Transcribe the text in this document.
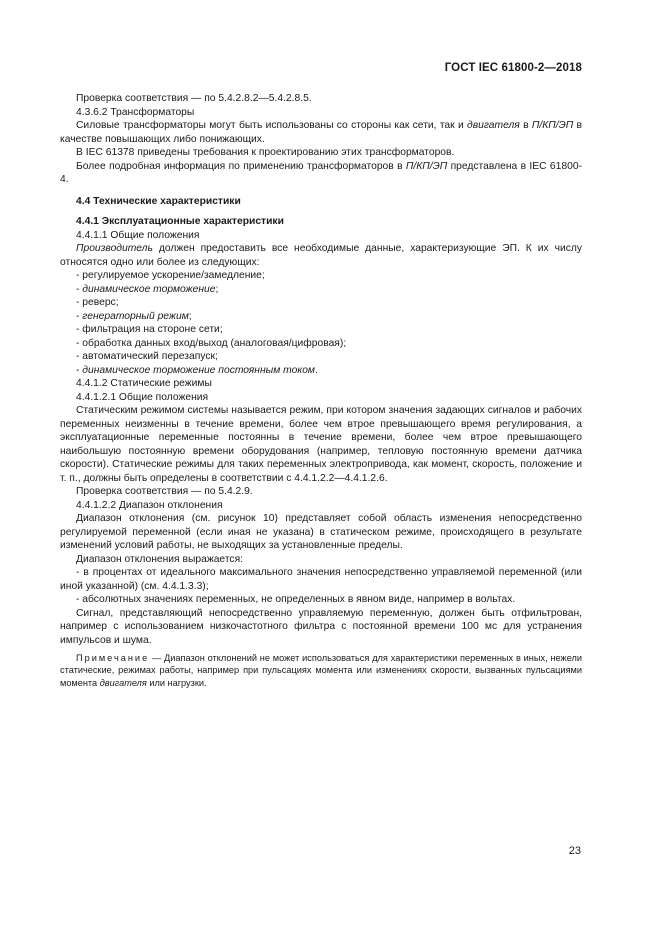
ГОСТ IEC 61800-2—2018

Проверка соответствия — по 5.4.2.8.2—5.4.2.8.5.

4.3.6.2 Трансформаторы

Силовые трансформаторы могут быть использованы со стороны как сети, так и двигателя в П/КП/ЭП в качестве повышающих либо понижающих.

В IEC 61378 приведены требования к проектированию этих трансформаторов.

Более подробная информация по применению трансформаторов в П/КП/ЭП представлена в IEC 61800-4.

4.4 Технические характеристики

4.4.1 Эксплуатационные характеристики

4.4.1.1 Общие положения

Производитель должен предоставить все необходимые данные, характеризующие ЭП. К их числу относятся одно или более из следующих:

- регулируемое ускорение/замедление;

- динамическое торможение;

- реверс;

- генераторный режим;

- фильтрация на стороне сети;

- обработка данных вход/выход (аналоговая/цифровая);

- автоматический перезапуск;

- динамическое торможение постоянным током.

4.4.1.2 Статические режимы

4.4.1.2.1 Общие положения

Статическим режимом системы называется режим, при котором значения задающих сигналов и рабочих переменных неизменны в течение времени, более чем втрое превышающего время регулирования, а эксплуатационные переменные постоянны в течение времени, более чем втрое превышающего наибольшую постоянную времени оборудования (например, тепловую постоянную времени датчика скорости). Статические режимы для таких переменных электропривода, как момент, скорость, положение и т. п., должны быть определены в соответствии с 4.4.1.2.2—4.4.1.2.6.

Проверка соответствия — по 5.4.2.9.

4.4.1.2.2 Диапазон отклонения

Диапазон отклонения (см. рисунок 10) представляет собой область изменения непосредственно регулируемой переменной (если иная не указана) в статическом режиме, происходящего в результате изменений условий работы, не выходящих за установленные пределы.

Диапазон отклонения выражается:

- в процентах от идеального максимального значения непосредственно управляемой переменной (или иной указанной) (см. 4.4.1.3.3);

- абсолютных значениях переменных, не определенных в явном виде, например в вольтах.

Сигнал, представляющий непосредственно управляемую переменную, должен быть отфильтрован, например с использованием низкочастотного фильтра с постоянной времени 100 мс для устранения импульсов и шума.

Примечание — Диапазон отклонений не может использоваться для характеристики переменных в иных, нежели статические, режимах работы, например при пульсациях момента или изменениях скорости, вызванных пульсациями момента двигателя или нагрузки.

23
